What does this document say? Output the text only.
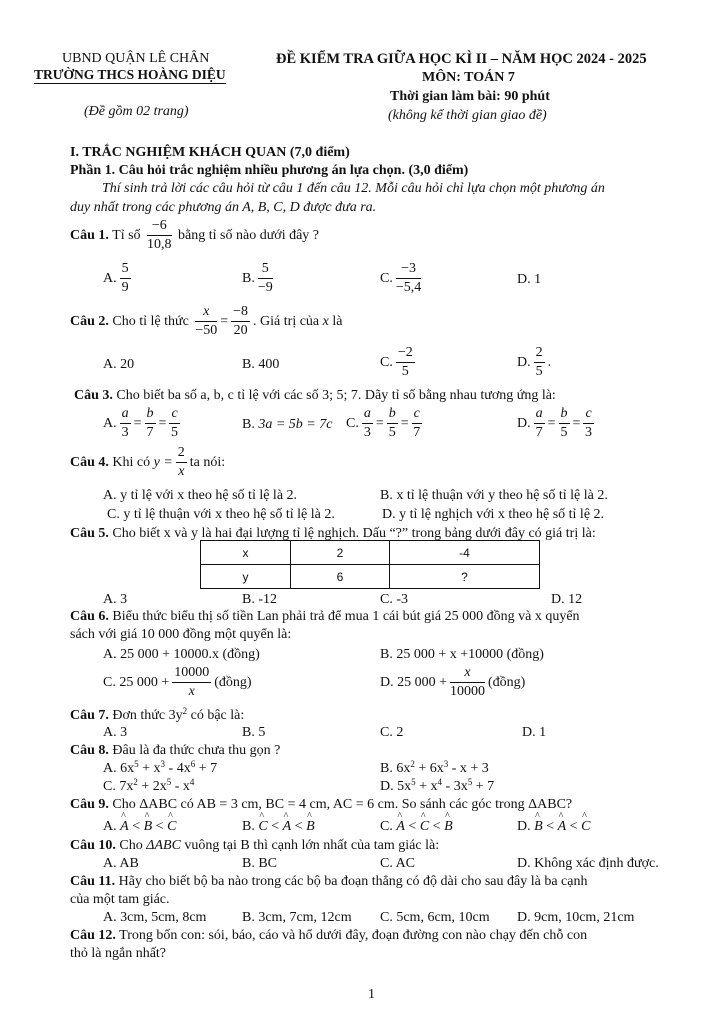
UBND QUẬN LÊ CHÂN
TRƯỜNG THCS HOÀNG DIỆU
(Đề gồm 02 trang)
ĐỀ KIỂM TRA GIỮA HỌC KÌ II – NĂM HỌC 2024 - 2025
MÔN: TOÁN 7
Thời gian làm bài: 90 phút
(không kể thời gian giao đề)
I. TRẮC NGHIỆM KHÁCH QUAN (7,0 điểm)
Phần 1. Câu hỏi trắc nghiệm nhiều phương án lựa chọn. (3,0 điểm)
Thí sinh trả lời các câu hỏi từ câu 1 đến câu 12. Mỗi câu hỏi chỉ lựa chọn một phương án
duy nhất trong các phương án A, B, C, D được đưa ra.
Câu 1. Tỉ số $\frac{-6}{10,8}$ bằng tỉ số nào dưới đây ?
A. $\frac{5}{9}$	B. $\frac{5}{-9}$	C. $\frac{-3}{-5,4}$	D. 1
Câu 2. Cho tỉ lệ thức $\frac{x}{-50} = \frac{-8}{20}$ . Giá trị của x là
A. 20	B. 400	C. $\frac{-2}{5}$	D. $\frac{2}{5}$ .
Câu 3. Cho biết ba số a, b, c tỉ lệ với các số 3; 5; 7. Dãy tỉ số bằng nhau tương ứng là:
A. $\frac{a}{3} = \frac{b}{7} = \frac{c}{5}$	B. 3a = 5b = 7c C. $\frac{a}{3} = \frac{b}{5} = \frac{c}{7}$	D. $\frac{a}{7} = \frac{b}{5} = \frac{c}{3}$
Câu 4. Khi có $y = \frac{2}{x}$ ta nói:
A. y tỉ lệ với x theo hệ số tỉ lệ là 2.	B. x tỉ lệ thuận với y theo hệ số tỉ lệ là 2.
C. y tỉ lệ thuận với x theo hệ số tỉ lệ là 2.	D. y tỉ lệ nghịch với x theo hệ số tỉ lệ 2.
Câu 5. Cho biết x và y là hai đại lượng tỉ lệ nghịch. Dấu “?” trong bảng dưới đây có giá trị là:
x	2	-4
y	6	?
A. 3	B. -12	C. -3	D. 12
Câu 6. Biểu thức biểu thị số tiền Lan phải trả để mua 1 cái bút giá 25 000 đồng và x quyển
sách với giá 10 000 đồng một quyển là:
A. 25 000 + 10000.x (đồng)	B. 25 000 + x +10000 (đồng)
C. 25 $000 + \frac{10000}{x}$ (đồng)	D. 25 $000 + \frac{x}{10000}$ (đồng)
Câu 7. Đơn thức $3y^2$ có bậc là:
A. 3	B. 5	C. 2	D. 1
Câu 8. Đâu là đa thức chưa thu gọn ?
A. $6x^5 + x^3 - 4x^6 + 7$	B. $6x^2 + 6x^3 - x + 3$
C. $7x^2 + 2x^5 - x^4$	D. $5x^5 + x^4 - 3x^5 + 7$
Câu 9. Cho ΔABC có AB = 3 cm, BC = 4 cm, AC = 6 cm. So sánh các góc trong ΔABC?
A. ^ A < ^ B < ^ C	B. ^ C < ^ A < ^ B	C. ^ A < ^ C < ^ B	D. ^ B < ^ A < ^ C
Câu 10. Cho ΔABC vuông tại B thì cạnh lớn nhất của tam giác là:
A. AB	B. BC	C. AC	D. Không xác định được.
Câu 11. Hãy cho biết bộ ba nào trong các bộ ba đoạn thẳng có độ dài cho sau đây là ba cạnh
của một tam giác.
A. 3cm, 5cm, 8cm	B. 3cm, 7cm, 12cm C. 5cm, 6cm, 10cm D. 9cm, 10cm, 21cm
Câu 12. Trong bốn con: sói, báo, cáo và hổ dưới đây, đoạn đường con nào chạy đến chỗ con
thỏ là ngắn nhất?
1
